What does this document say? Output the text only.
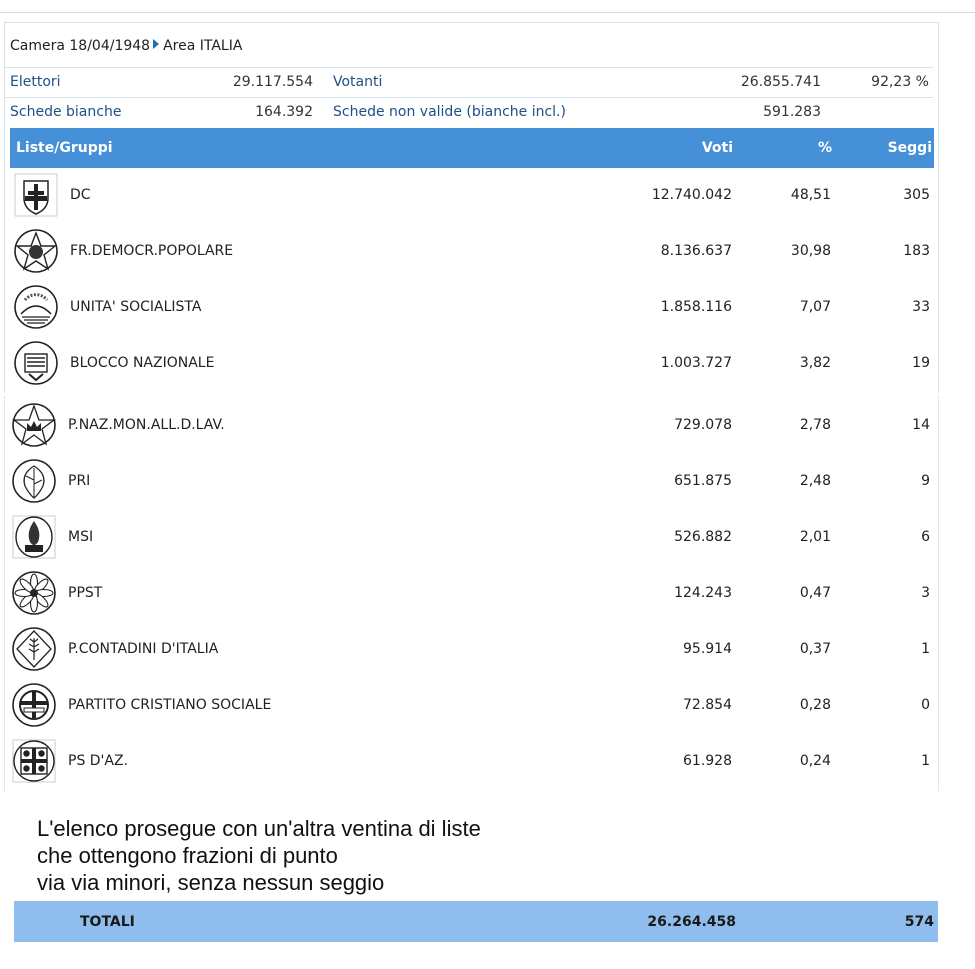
Camera 18/04/1948 Area ITALIA
Elettori	29.117.554 Votanti	26.855.741	92,23 %
Schede bianche	164.392 Schede non valide (bianche incl.)	591.283
Liste/Gruppi	Voti	%	Seggi
DC	12.740.042	48,51	305
FR.DEMOCR.POPOLARE	8.136.637	30,98	183
UNITA' SOCIALISTA	1.858.116	7,07	33
BLOCCO NAZIONALE	1.003.727	3,82	19
P.NAZ.MON.ALL.D.LAV.	729.078	2,78	14
PRI	651.875	2,48	9
MSI	526.882	2,01	6
PPST	124.243	0,47	3
P.CONTADINI D'ITALIA	95.914	0,37	1
PARTITO CRISTIANO SOCIALE	72.854	0,28	0
PS D'AZ.	61.928	0,24	1
L'elenco prosegue con un'altra ventina di liste
che ottengono frazioni di punto
via via minori, senza nessun seggio
TOTALI	26.264.458	574
